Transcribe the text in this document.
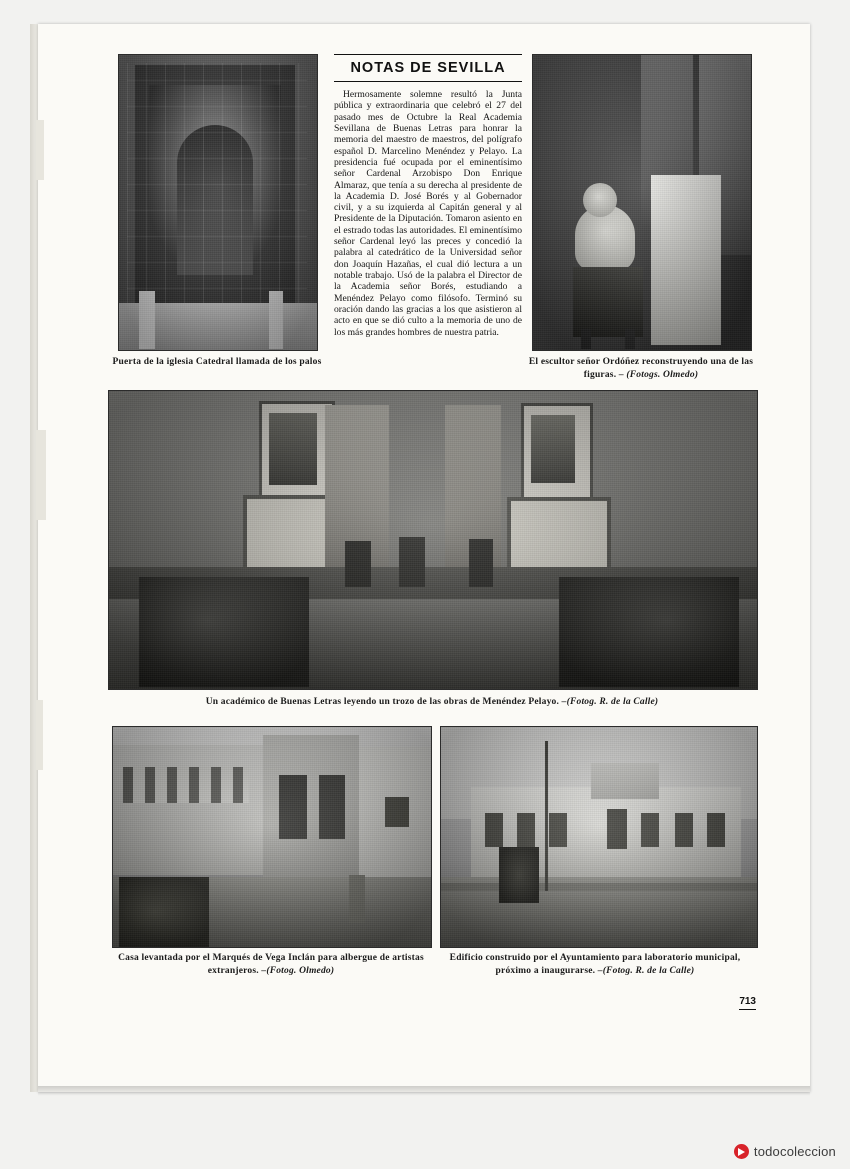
Puerta de la iglesia Catedral llamada de los palos
NOTAS DE SEVILLA

Hermosamente solemne resultó la Junta pública y extraordinaria que celebró el 27 del pasado mes de Octubre la Real Academia Sevillana de Buenas Letras para honrar la memoria del maestro de maestros, del polígrafo español D. Marcelino Menéndez y Pelayo. La presidencia fué ocupada por el eminentísimo señor Cardenal Arzobispo Don Enrique Almaraz, que tenía a su derecha al presidente de la Academia D. José Borés y al Gobernador civil, y a su izquierda al Capitán general y al Presidente de la Diputación. Tomaron asiento en el estrado todas las autoridades. El eminentísimo señor Cardenal leyó las preces y concedió la palabra al catedrático de la Universidad señor don Joaquín Hazañas, el cual dió lectura a un notable trabajo. Usó de la palabra el Director de la Academia señor Borés, estudiando a Menéndez Pelayo como filósofo. Terminó su oración dando las gracias a los que asistieron al acto en que se dió culto a la memoria de uno de los más grandes hombres de nuestra patria.

El escultor señor Ordóñez reconstruyendo una de las figuras. – (Fotogs. Olmedo)
Un académico de Buenas Letras leyendo un trozo de las obras de Menéndez Pelayo. –(Fotog. R. de la Calle)
Casa levantada por el Marqués de Vega Inclán para albergue de artistas extranjeros. –(Fotog. Olmedo)
Edificio construido por el Ayuntamiento para laboratorio municipal, próximo a inaugurarse. –(Fotog. R. de la Calle)
713
todocoleccion
